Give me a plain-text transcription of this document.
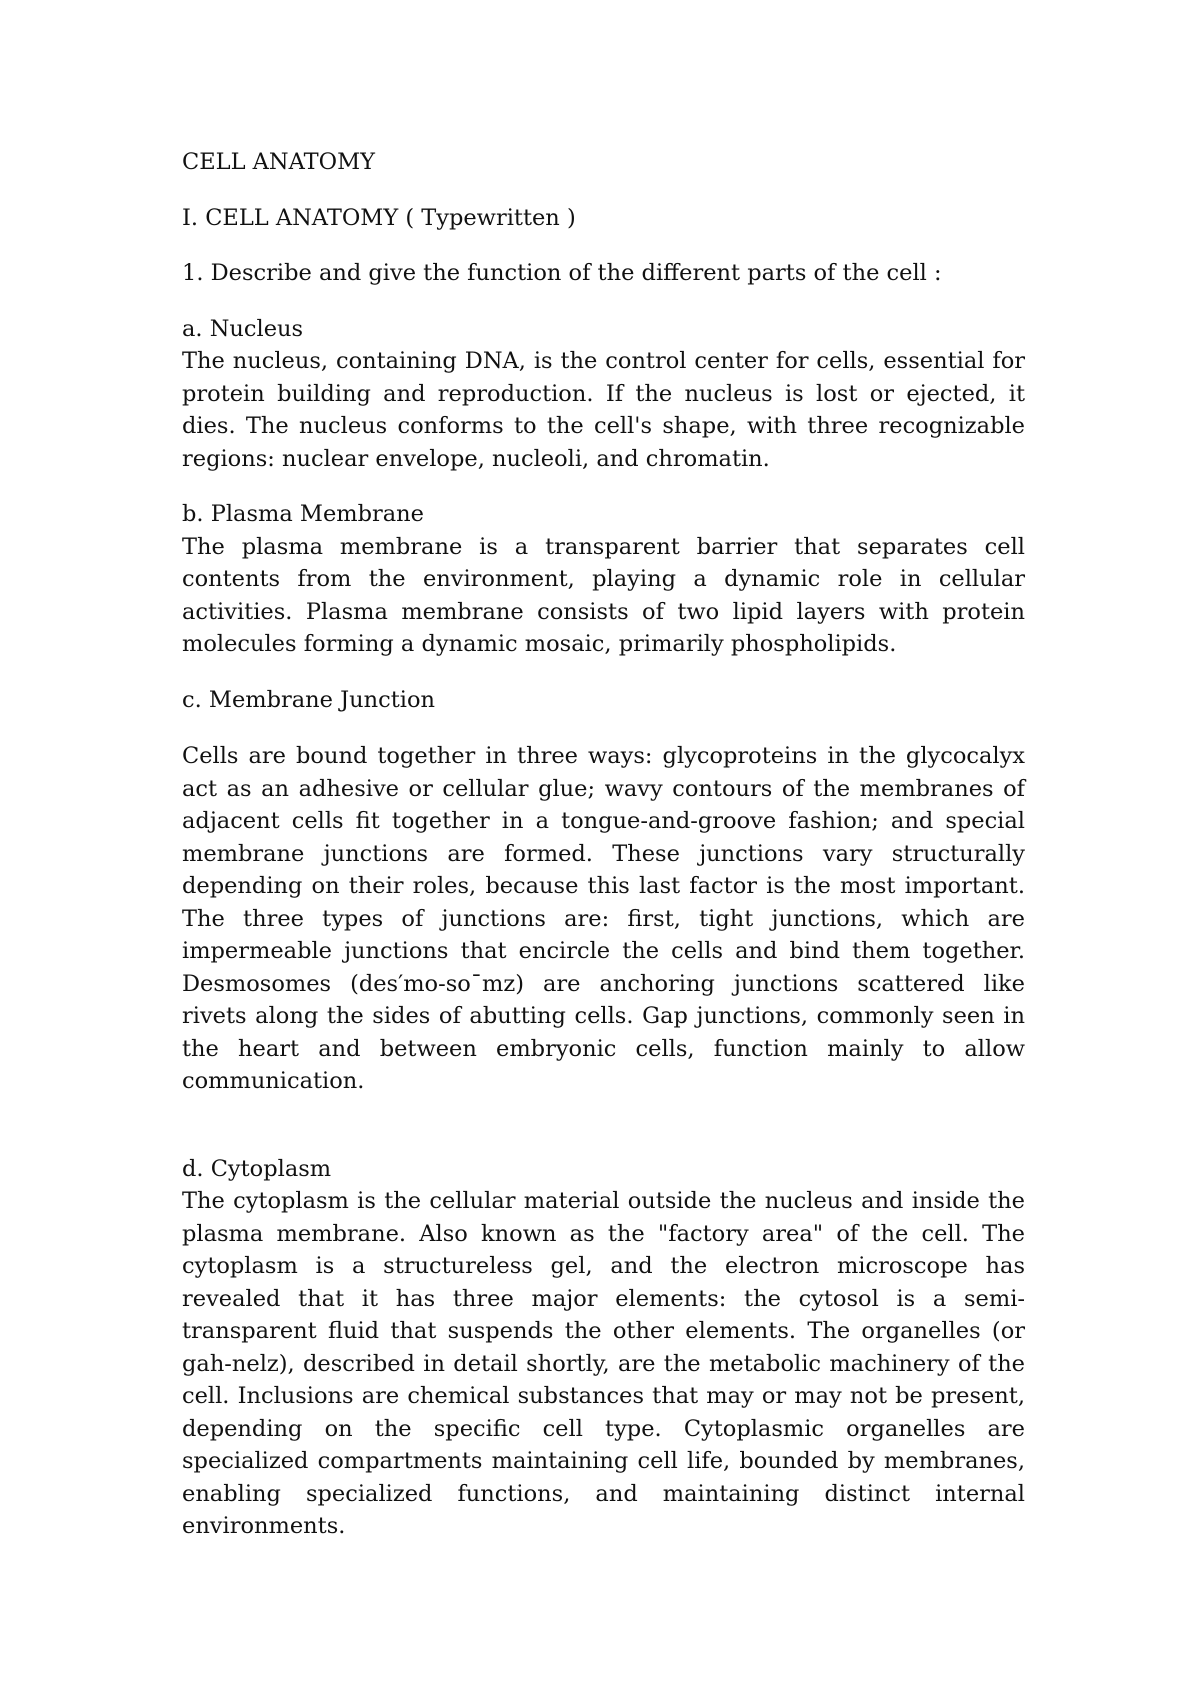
CELL ANATOMY

I. CELL ANATOMY ( Typewritten )

1. Describe and give the function of the different parts of the cell :

a. Nucleus

The nucleus, containing DNA, is the control center for cells, essential for protein building and reproduction. If the nucleus is lost or ejected, it dies. The nucleus conforms to the cell's shape, with three recognizable regions: nuclear envelope, nucleoli, and chromatin.

b. Plasma Membrane

The plasma membrane is a transparent barrier that separates cell contents from the environment, playing a dynamic role in cellular activities. Plasma membrane consists of two lipid layers with protein molecules forming a dynamic mosaic, primarily phospholipids.

c. Membrane Junction

Cells are bound together in three ways: glycoproteins in the glycocalyx act as an adhesive or cellular glue; wavy contours of the membranes of adjacent cells fit together in a tongue-and-groove fashion; and special membrane junctions are formed. These junctions vary structurally depending on their roles, because this last factor is the most important. The three types of junctions are: first, tight junctions, which are impermeable junctions that encircle the cells and bind them together. Desmosomes (des′mo-so¯mz) are anchoring junctions scattered like rivets along the sides of abutting cells. Gap junctions, commonly seen in the heart and between embryonic cells, function mainly to allow communication.

d. Cytoplasm

The cytoplasm is the cellular material outside the nucleus and inside the plasma membrane. Also known as the "factory area" of the cell. The cytoplasm is a structureless gel, and the electron microscope has revealed that it has three major elements: the cytosol is a semi-transparent fluid that suspends the other elements. The organelles (or gah-nelz), described in detail shortly, are the metabolic machinery of the cell. Inclusions are chemical substances that may or may not be present, depending on the specific cell type. Cytoplasmic organelles are specialized compartments maintaining cell life, bounded by membranes, enabling specialized functions, and maintaining distinct internal environments.
